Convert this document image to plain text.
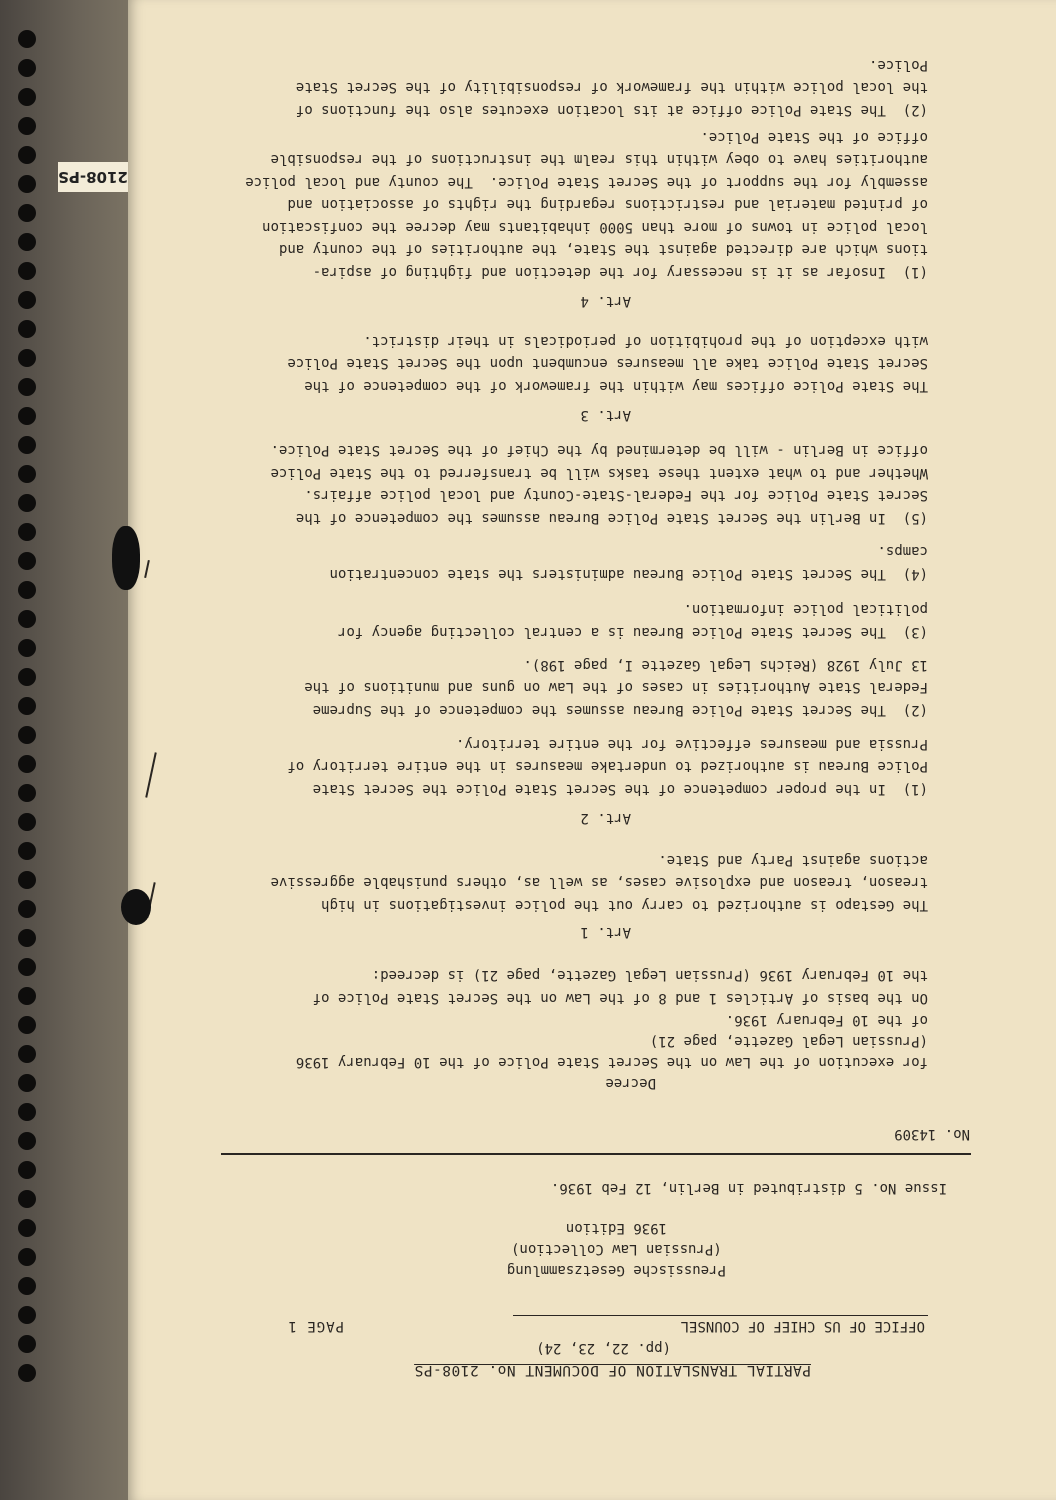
2108-PS
PARTIAL TRANSLATION OF DOCUMENT No. 2108-PS
(pp. 22, 23, 24)
OFFICE OF US CHIEF OF COUNSEL
PAGE 1
Preussische Gesetzsammlung
(Prussian Law Collection)
1936 Edition
Issue No. 5 distributed in Berlin, 12 Feb 1936.
No. 14309
Decree
for execution of the Law on the Secret State Police of the 10 February 1936
(Prussian Legal Gazette, page 21)
of the 10 February 1936.
On the basis of Articles 1 and 8 of the Law on the Secret State Police of
the 10 February 1936 (Prussian Legal Gazette, page 21) is decreed:
Art. 1
The Gestapo is authorized to carry out the police investigations in high
treason, treason and explosive cases, as well as, others punishable aggressive
actions against Party and State.
Art. 2
(1)  In the proper competence of the Secret State Police the Secret State
Police Bureau is authorized to undertake measures in the entire territory of
Prussia and measures effective for the entire territory.
(2)  The Secret State Police Bureau assumes the competence of the Supreme
Federal State Authorities in cases of the Law on guns and munitions of the
13 July 1928 (Reichs Legal Gazette I, page 198).
(3)  The Secret State Police Bureau is a central collecting agency for
political police information.
(4)  The Secret State Police Bureau administers the state concentration
camps.
(5)  In Berlin the Secret State Police Bureau assumes the competence of the
Secret State Police for the Federal-State-County and local police affairs.
Whether and to what extent these tasks will be transferred to the State Police
office in Berlin - will be determined by the Chief of the Secret State Police.
Art. 3
The State Police offices may within the framework of the competence of the
Secret State Police take all measures encumbent upon the Secret State Police
with exception of the prohibition of periodicals in their district.
Art. 4
(1)  Insofar as it is necessary for the detection and fighting of aspira-
tions which are directed against the State, the authorities of the county and
local police in towns of more than 5000 inhabitants may decree the confiscation
of printed material and restrictions regarding the rights of association and
assembly for the support of the Secret State Police.  The county and local police
authorities have to obey within this realm the instructions of the responsible
office of the State Police.
(2)  The State Police office at its location executes also the functions of
the local police within the framework of responsibility of the Secret State
Police.
